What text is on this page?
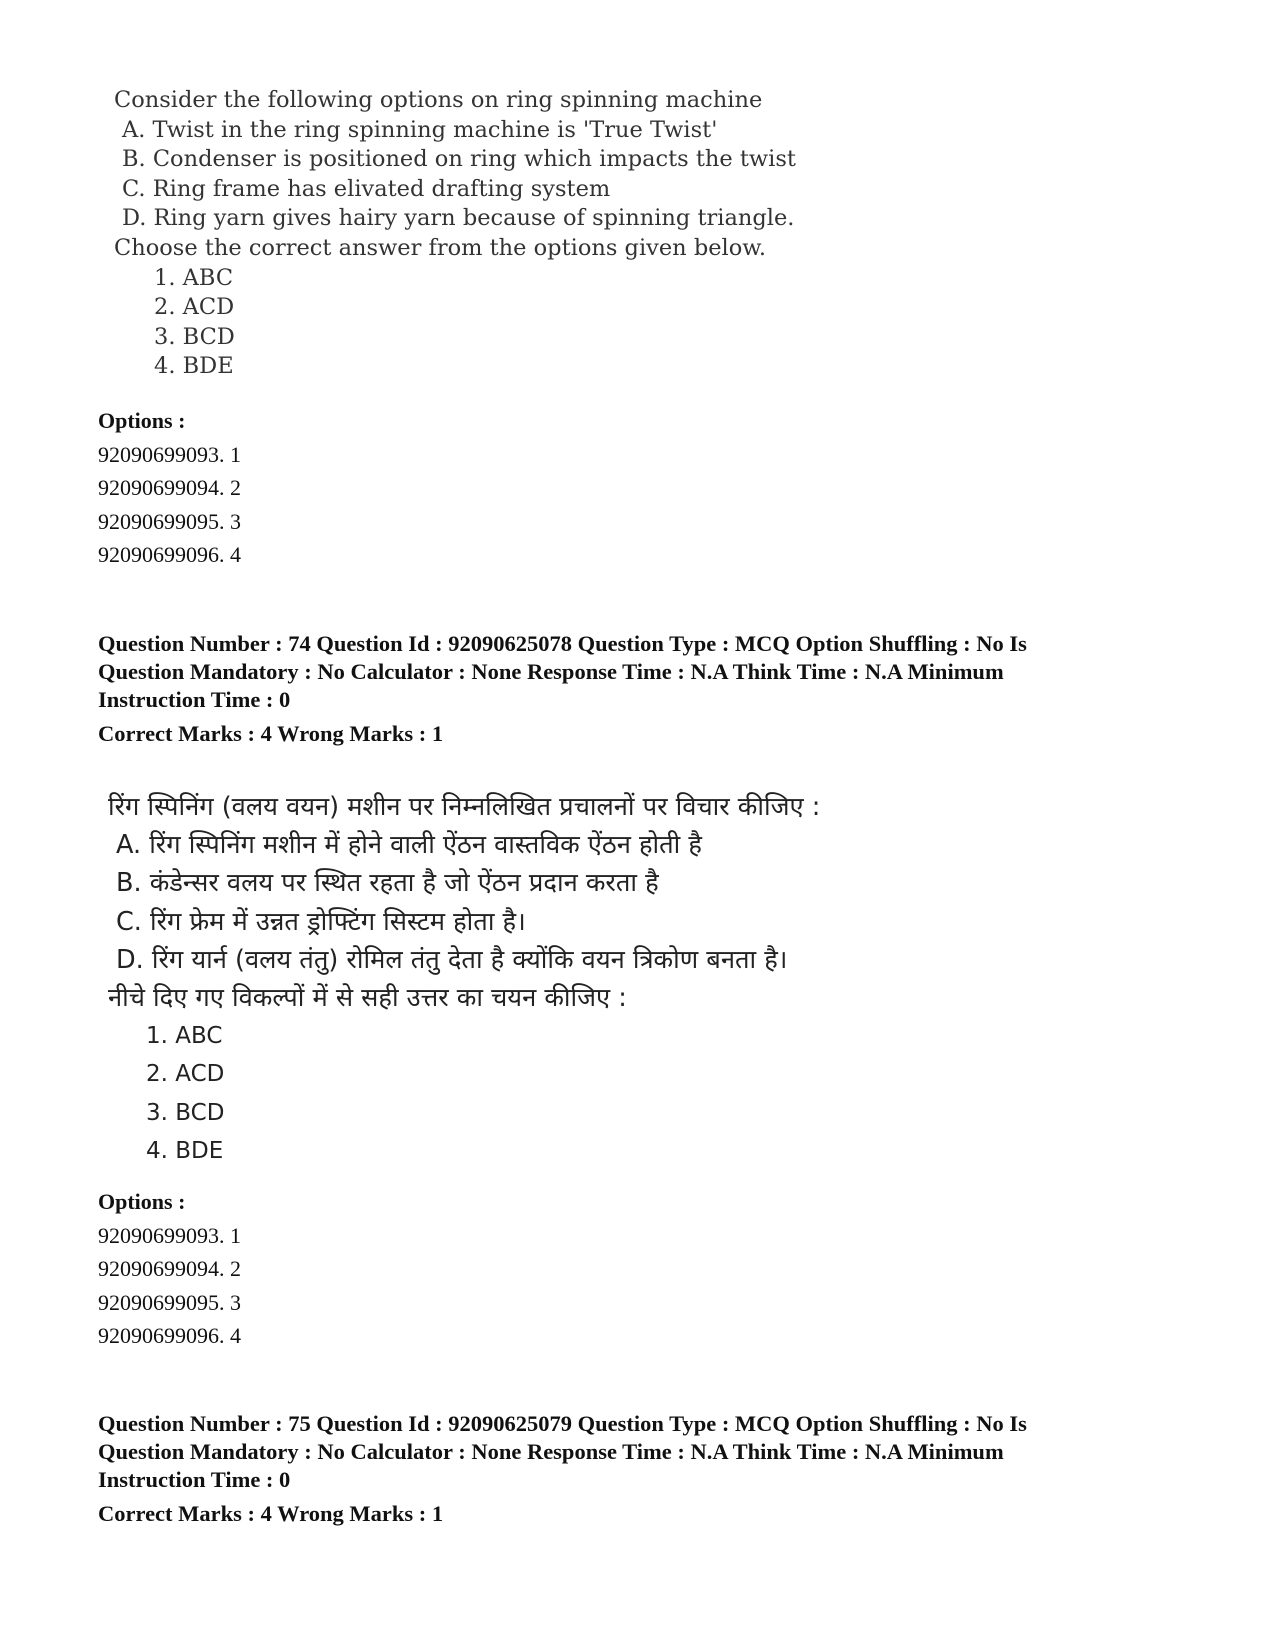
Consider the following options on ring spinning machine
A. Twist in the ring spinning machine is 'True Twist'
B. Condenser is positioned on ring which impacts the twist
C. Ring frame has elivated drafting system
D. Ring yarn gives hairy yarn because of spinning triangle.
Choose the correct answer from the options given below.
1. ABC
2. ACD
3. BCD
4. BDE
Options :
92090699093. 1
92090699094. 2
92090699095. 3
92090699096. 4
Question Number : 74 Question Id : 92090625078 Question Type : MCQ Option Shuffling : No Is
Question Mandatory : No Calculator : None Response Time : N.A Think Time : N.A Minimum
Instruction Time : 0
Correct Marks : 4 Wrong Marks : 1
रिंग स्पिनिंग (वलय वयन) मशीन पर निम्नलिखित प्रचालनों पर विचार कीजिए :
A. रिंग स्पिनिंग मशीन में होने वाली ऐंठन वास्तविक ऐंठन होती है
B. कंडेन्सर वलय पर स्थित रहता है जो ऐंठन प्रदान करता है
C. रिंग फ्रेम में उन्नत ड्रोफ्टिंग सिस्टम होता है।
D. रिंग यार्न (वलय तंतु) रोमिल तंतु देता है क्योंकि वयन त्रिकोण बनता है।
नीचे दिए गए विकल्पों में से सही उत्तर का चयन कीजिए :
1. ABC
2. ACD
3. BCD
4. BDE
Options :
92090699093. 1
92090699094. 2
92090699095. 3
92090699096. 4
Question Number : 75 Question Id : 92090625079 Question Type : MCQ Option Shuffling : No Is
Question Mandatory : No Calculator : None Response Time : N.A Think Time : N.A Minimum
Instruction Time : 0
Correct Marks : 4 Wrong Marks : 1
